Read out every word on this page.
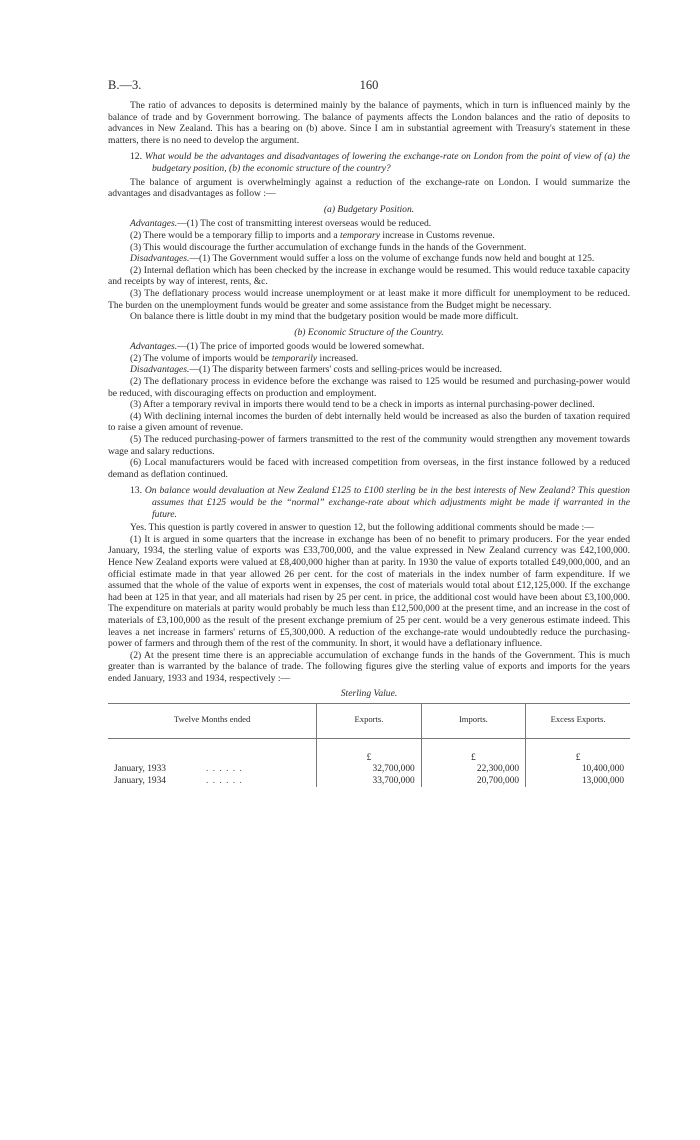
B.—3.	160

The ratio of advances to deposits is determined mainly by the balance of payments, which in turn is influenced mainly by the balance of trade and by Government borrowing. The balance of payments affects the London balances and the ratio of deposits to advances in New Zealand. This has a bearing on (b) above. Since I am in substantial agreement with Treasury's statement in these matters, there is no need to develop the argument.

12. What would be the advantages and disadvantages of lowering the exchange-rate on London from the point of view of (a) the budgetary position, (b) the economic structure of the country?

The balance of argument is overwhelmingly against a reduction of the exchange-rate on London. I would summarize the advantages and disadvantages as follow :—

(a) Budgetary Position.

Advantages.—(1) The cost of transmitting interest overseas would be reduced.

(2) There would be a temporary fillip to imports and a temporary increase in Customs revenue.

(3) This would discourage the further accumulation of exchange funds in the hands of the Government.

Disadvantages.—(1) The Government would suffer a loss on the volume of exchange funds now held and bought at 125.

(2) Internal deflation which has been checked by the increase in exchange would be resumed. This would reduce taxable capacity and receipts by way of interest, rents, &c.

(3) The deflationary process would increase unemployment or at least make it more difficult for unemployment to be reduced. The burden on the unemployment funds would be greater and some assistance from the Budget might be necessary.

On balance there is little doubt in my mind that the budgetary position would be made more difficult.

(b) Economic Structure of the Country.

Advantages.—(1) The price of imported goods would be lowered somewhat.

(2) The volume of imports would be temporarily increased.

Disadvantages.—(1) The disparity between farmers' costs and selling-prices would be increased.

(2) The deflationary process in evidence before the exchange was raised to 125 would be resumed and purchasing-power would be reduced, with discouraging effects on production and employment.

(3) After a temporary revival in imports there would tend to be a check in imports as internal purchasing-power declined.

(4) With declining internal incomes the burden of debt internally held would be increased as also the burden of taxation required to raise a given amount of revenue.

(5) The reduced purchasing-power of farmers transmitted to the rest of the community would strengthen any movement towards wage and salary reductions.

(6) Local manufacturers would be faced with increased competition from overseas, in the first instance followed by a reduced demand as deflation continued.

13. On balance would devaluation at New Zealand £125 to £100 sterling be in the best interests of New Zealand? This question assumes that £125 would be the “normal” exchange-rate about which adjustments might be made if warranted in the future.

Yes. This question is partly covered in answer to question 12, but the following additional comments should be made :—

(1) It is argued in some quarters that the increase in exchange has been of no benefit to primary producers. For the year ended January, 1934, the sterling value of exports was £33,700,000, and the value expressed in New Zealand currency was £42,100,000. Hence New Zealand exports were valued at £8,400,000 higher than at parity. In 1930 the value of exports totalled £49,000,000, and an official estimate made in that year allowed 26 per cent. for the cost of materials in the index number of farm expenditure. If we assumed that the whole of the value of exports went in expenses, the cost of materials would total about £12,125,000. If the exchange had been at 125 in that year, and all materials had risen by 25 per cent. in price, the additional cost would have been about £3,100,000. The expenditure on materials at parity would probably be much less than £12,500,000 at the present time, and an increase in the cost of materials of £3,100,000 as the result of the present exchange premium of 25 per cent. would be a very generous estimate indeed. This leaves a net increase in farmers' returns of £5,300,000. A reduction of the exchange-rate would undoubtedly reduce the purchasing-power of farmers and through them of the rest of the community. In short, it would have a deflationary influence.

(2) At the present time there is an appreciable accumulation of exchange funds in the hands of the Government. This is much greater than is warranted by the balance of trade. The following figures give the sterling value of exports and imports for the years ended January, 1933 and 1934, respectively :—

Sterling Value.

Twelve Months ended	Exports.	Imports.	Excess Exports.
	£	£	£
January, 1933 . . . . . .	32,700,000	22,300,000	10,400,000
January, 1934 . . . . . .	33,700,000	20,700,000	13,000,000
